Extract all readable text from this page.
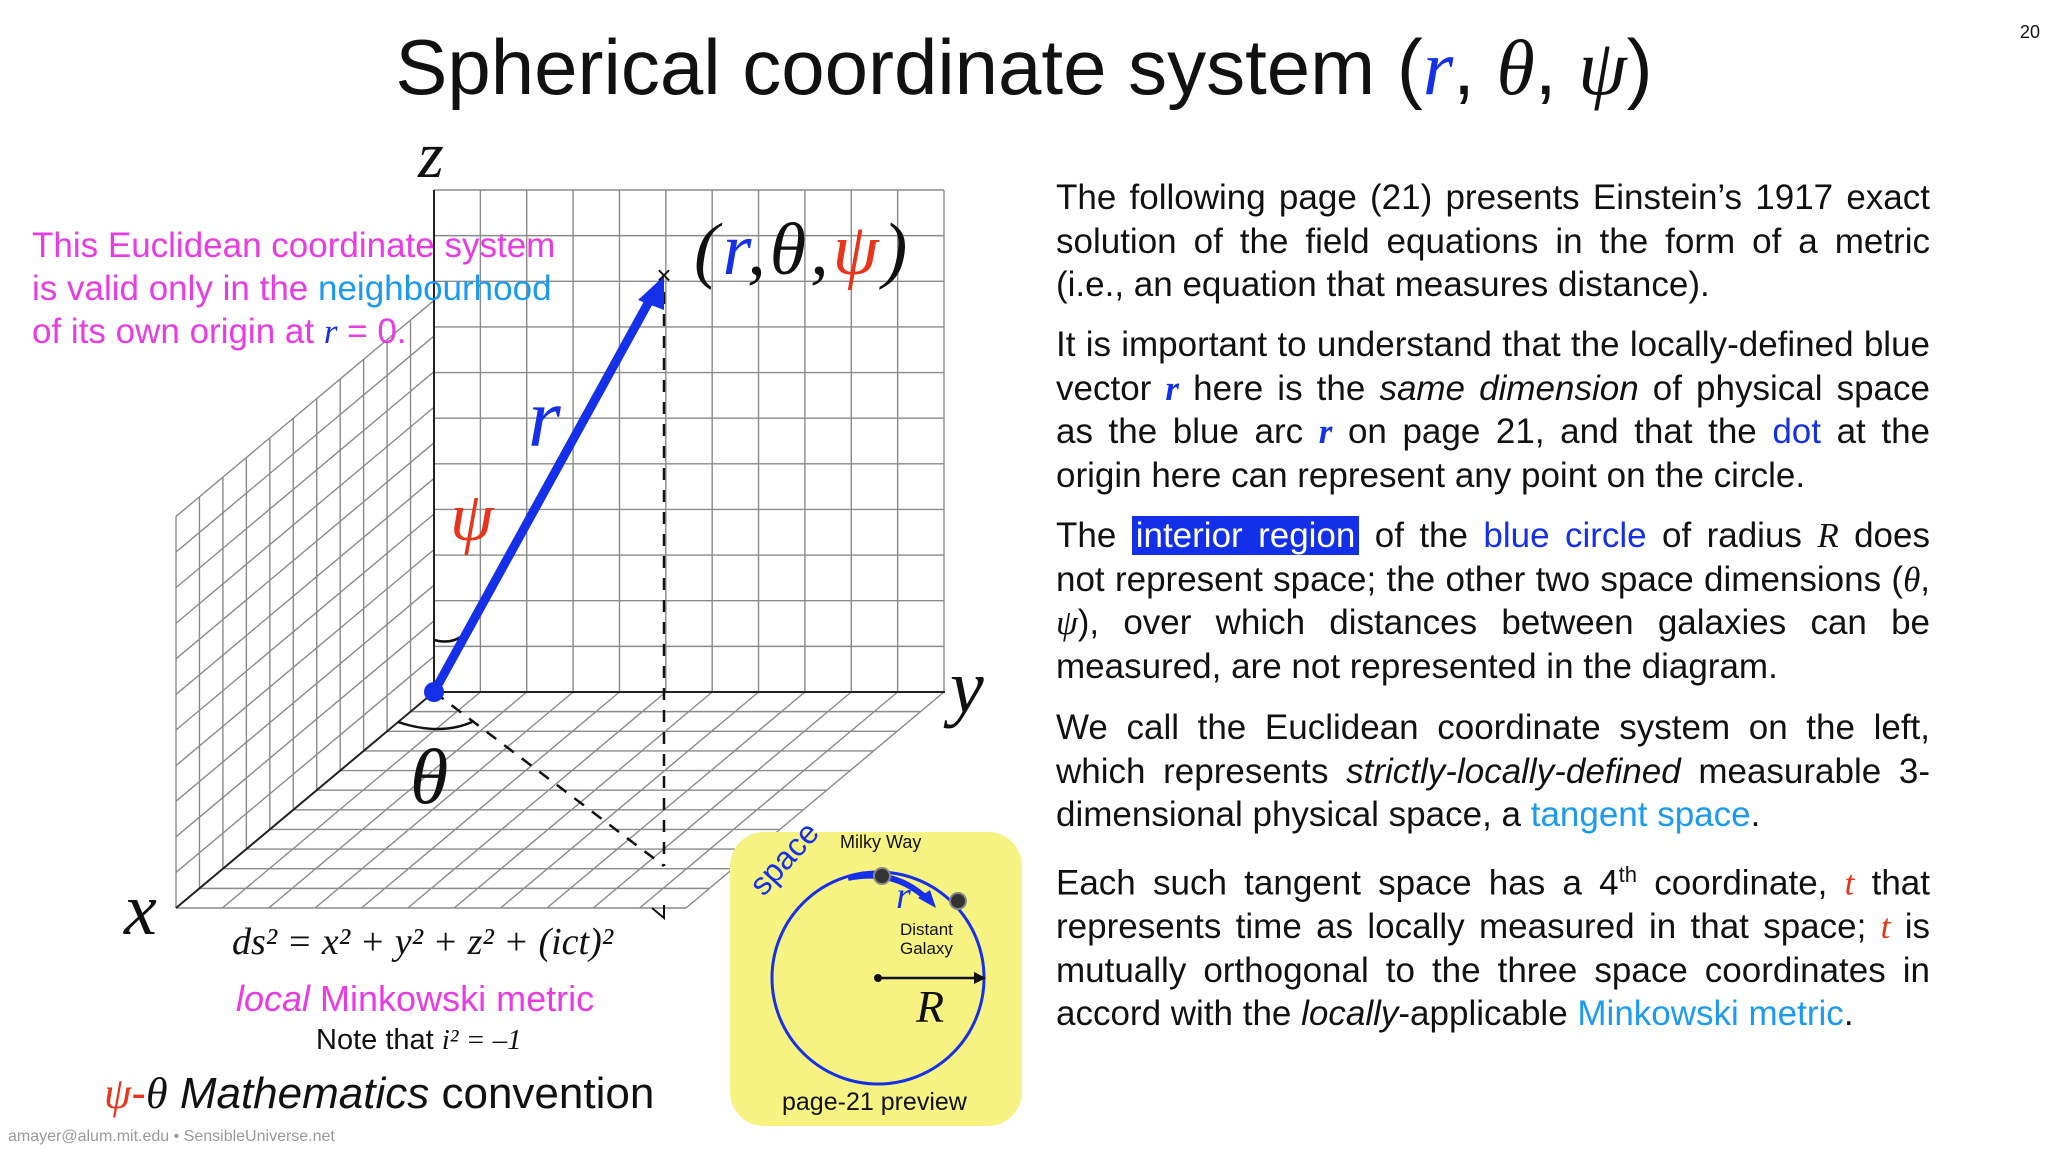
Spherical coordinate system (r, θ, ψ)	20
×
z
y
x
r
ψ
θ
(r,θ,ψ)
This Euclidean coordinate system
is valid only in the neighbourhood
of its own origin at r = 0.
ds² = x² + y² + z² + (ict)²
local Minkowski metric
Note that i² = –1
ψ-θ Mathematics convention
Milky Way
space r
Distant
Galaxy
R
page-21 preview

The following page (21) presents Einstein’s 1917 exact solution of the field equations in the form of a metric (i.e., an equation that measures distance).

It is important to understand that the locally-defined blue vector r here is the same dimension of physical space as the blue arc r on page 21, and that the dot at the origin here can represent any point on the circle.

The interior region of the blue circle of radius R does not represent space; the other two space dimensions (θ, ψ), over which distances between galaxies can be measured, are not represented in the diagram.

We call the Euclidean coordinate system on the left, which represents strictly-locally-defined measurable 3-dimensional physical space, a tangent space.

Each such tangent space has a 4th coordinate, t that represents time as locally measured in that space; t is mutually orthogonal to the three space coordinates in accord with the locally-applicable Minkowski metric.

amayer@alum.mit.edu • SensibleUniverse.net
